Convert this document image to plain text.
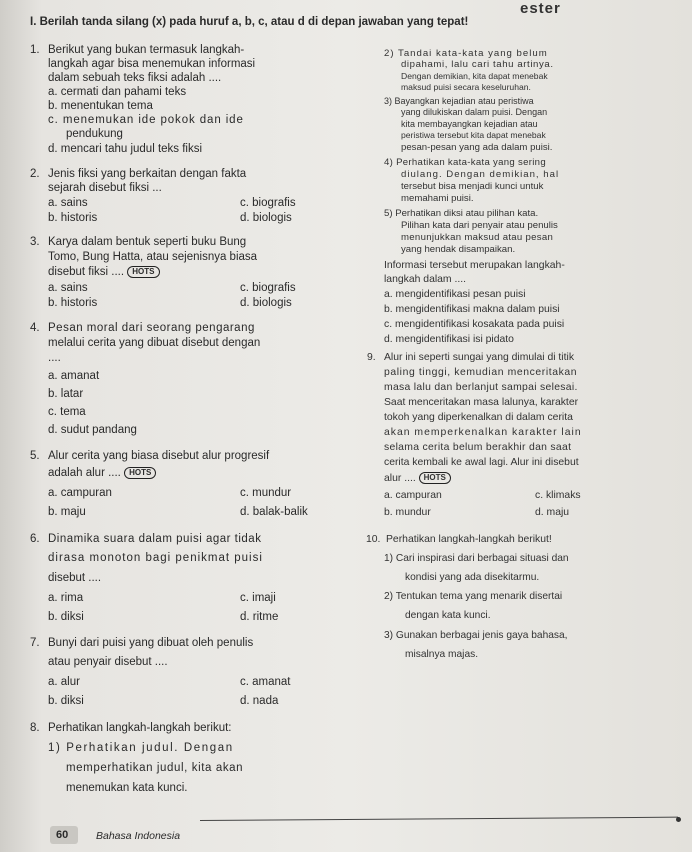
ester
I. Berilah tanda silang (x) pada huruf a, b, c, atau d di depan jawaban yang tepat!
1. Berikut yang bukan termasuk langkah-
langkah agar bisa menemukan informasi
dalam sebuah teks fiksi adalah ....
a. cermati dan pahami teks
b. menentukan tema
c. menemukan ide pokok dan ide
pendukung
d. mencari tahu judul teks fiksi
2. Jenis fiksi yang berkaitan dengan fakta
sejarah disebut fiksi ...
a. sains
b. historis
c. biografis
d. biologis
3. Karya dalam bentuk seperti buku Bung
Tomo, Bung Hatta, atau sejenisnya biasa
disebut fiksi .... HOTS
a. sains
b. historis
c. biografis
d. biologis
4. Pesan moral dari seorang pengarang
melalui cerita yang dibuat disebut dengan
....
a. amanat
b. latar
c. tema
d. sudut pandang
5. Alur cerita yang biasa disebut alur progresif
adalah alur .... HOTS
a. campuran
b. maju
c. mundur
d. balak-balik
6. Dinamika suara dalam puisi agar tidak
dirasa monoton bagi penikmat puisi
disebut ....
a. rima
b. diksi
c. imaji
d. ritme
7. Bunyi dari puisi yang dibuat oleh penulis
atau penyair disebut ....
a. alur
b. diksi
c. amanat
d. nada
8. Perhatikan langkah-langkah berikut:
1) Perhatikan judul. Dengan
memperhatikan judul, kita akan
menemukan kata kunci.
2) Tandai kata-kata yang belum
dipahami, lalu cari tahu artinya.
Dengan demikian, kita dapat menebak
maksud puisi secara keseluruhan.
3) Bayangkan kejadian atau peristiwa
yang dilukiskan dalam puisi. Dengan
kita membayangkan kejadian atau
peristiwa tersebut kita dapat menebak
pesan-pesan yang ada dalam puisi.
4) Perhatikan kata-kata yang sering
diulang. Dengan demikian, hal
tersebut bisa menjadi kunci untuk
memahami puisi.
5) Perhatikan diksi atau pilihan kata.
Pilihan kata dari penyair atau penulis
menunjukkan maksud atau pesan
yang hendak disampaikan.
Informasi tersebut merupakan langkah-
langkah dalam ....
a. mengidentifikasi pesan puisi
b. mengidentifikasi makna dalam puisi
c. mengidentifikasi kosakata pada puisi
d. mengidentifikasi isi pidato
9. Alur ini seperti sungai yang dimulai di titik
paling tinggi, kemudian menceritakan
masa lalu dan berlanjut sampai selesai.
Saat menceritakan masa lalunya, karakter
tokoh yang diperkenalkan di dalam cerita
akan memperkenalkan karakter lain
selama cerita belum berakhir dan saat
cerita kembali ke awal lagi. Alur ini disebut
alur .... HOTS
a. campuran
b. mundur
c. klimaks
d. maju
10. Perhatikan langkah-langkah berikut!
1) Cari inspirasi dari berbagai situasi dan
kondisi yang ada disekitarmu.
2) Tentukan tema yang menarik disertai
dengan kata kunci.
3) Gunakan berbagai jenis gaya bahasa,
misalnya majas.
60	Bahasa Indonesia
